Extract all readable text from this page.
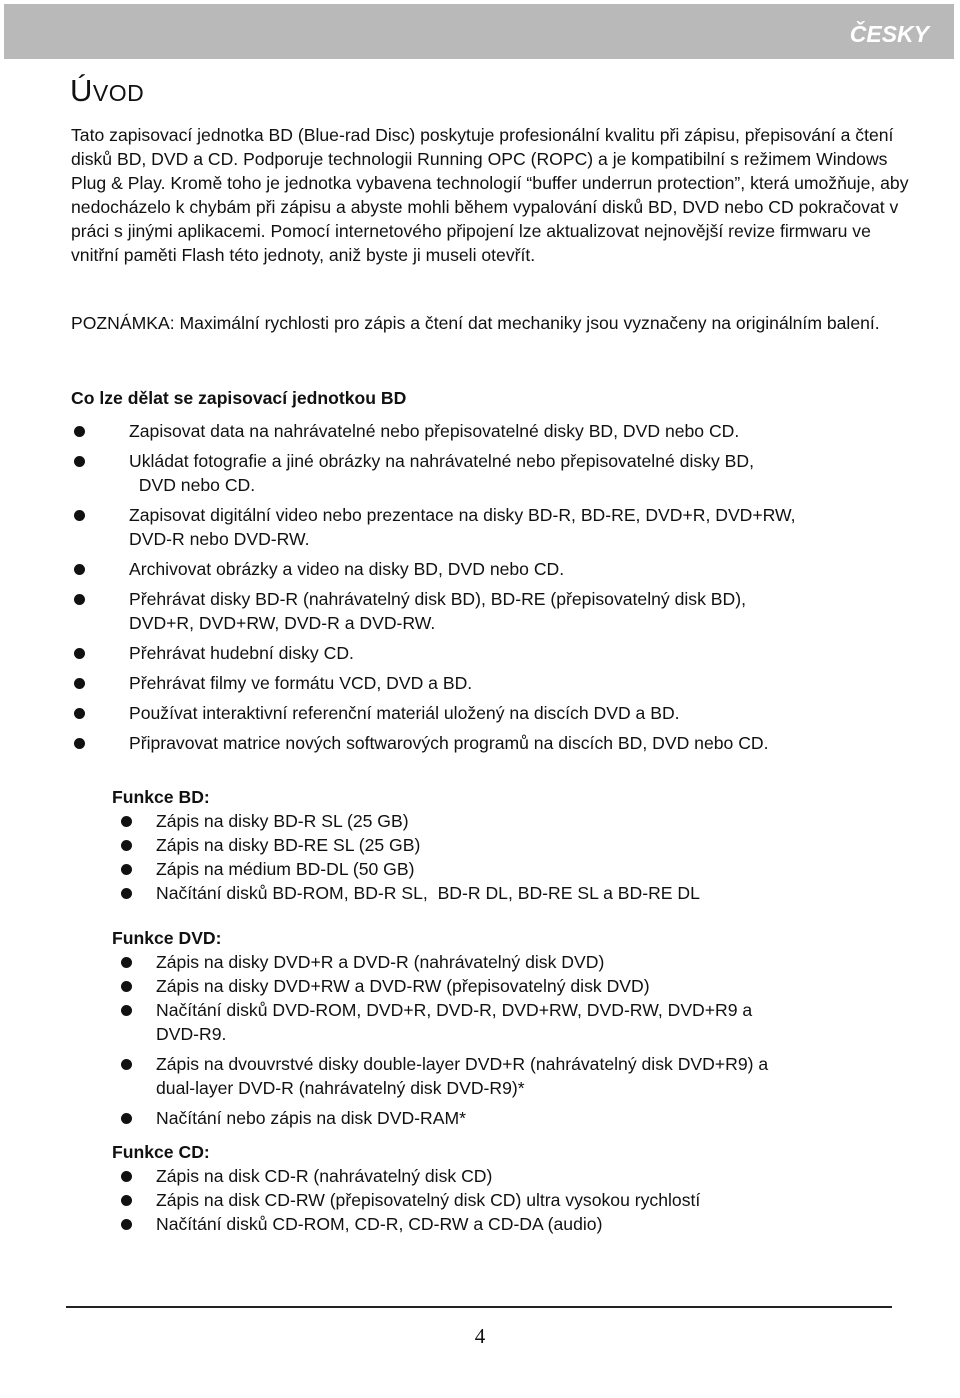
ČESKY
ÚVOD

Tato zapisovací jednotka BD (Blue-rad Disc) poskytuje profesionální kvalitu při zápisu, přepisování a čtení disků BD, DVD a CD. Podporuje technologii Running OPC (ROPC) a je kompatibilní s režimem Windows Plug & Play. Kromě toho je jednotka vybavena technologií “buffer underrun protection”, která umožňuje, aby nedocházelo k chybám při zápisu a abyste mohli během vypalování disků BD, DVD nebo CD pokračovat v práci s jinými aplikacemi. Pomocí internetového připojení lze aktualizovat nejnovější revize firmwaru ve vnitřní paměti Flash této jednoty, aniž byste ji museli otevřít.

POZNÁMKA: Maximální rychlosti pro zápis a čtení dat mechaniky jsou vyznačeny na originálním balení.

Co lze dělat se zapisovací jednotkou BD
Zapisovat data na nahrávatelné nebo přepisovatelné disky BD, DVD nebo CD.
Ukládat fotografie a jiné obrázky na nahrávatelné nebo přepisovatelné disky BD,
DVD nebo CD.
Zapisovat digitální video nebo prezentace na disky BD-R, BD-RE, DVD+R, DVD+RW,
DVD-R nebo DVD-RW.
Archivovat obrázky a video na disky BD, DVD nebo CD.
Přehrávat disky BD-R (nahrávatelný disk BD), BD-RE (přepisovatelný disk BD),
DVD+R, DVD+RW, DVD-R a DVD-RW.
Přehrávat hudební disky CD.
Přehrávat filmy ve formátu VCD, DVD a BD.
Používat interaktivní referenční materiál uložený na discích DVD a BD.
Připravovat matrice nových softwarových programů na discích BD, DVD nebo CD.
Funkce BD:
Zápis na disky BD-R SL (25 GB)
Zápis na disky BD-RE SL (25 GB)
Zápis na médium BD-DL (50 GB)
Načítání disků BD-ROM, BD-R SL,  BD-R DL, BD-RE SL a BD-RE DL
Funkce DVD:
Zápis na disky DVD+R a DVD-R (nahrávatelný disk DVD)
Zápis na disky DVD+RW a DVD-RW (přepisovatelný disk DVD)
Načítání disků DVD-ROM, DVD+R, DVD-R, DVD+RW, DVD-RW, DVD+R9 a
DVD-R9.
Zápis na dvouvrstvé disky double-layer DVD+R (nahrávatelný disk DVD+R9) a
dual-layer DVD-R (nahrávatelný disk DVD-R9)*
Načítání nebo zápis na disk DVD-RAM*
Funkce CD:
Zápis na disk CD-R (nahrávatelný disk CD)
Zápis na disk CD-RW (přepisovatelný disk CD) ultra vysokou rychlostí
Načítání disků CD-ROM, CD-R, CD-RW a CD-DA (audio)
4
